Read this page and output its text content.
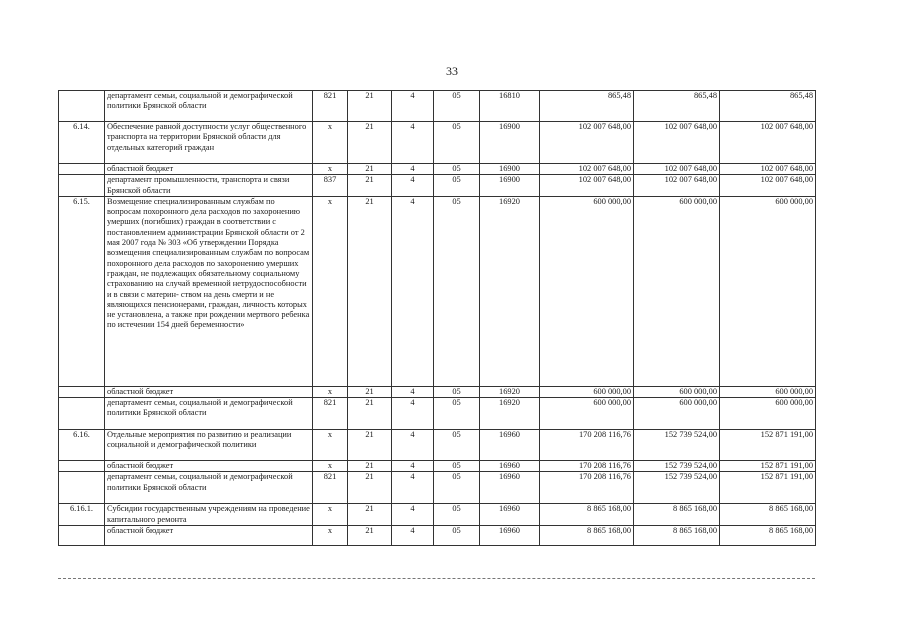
33
	департамент семьи, социальной и демографической политики Брянской области	821	21	4	05	16810	865,48	865,48	865,48
6.14.	Обеспечение равной доступности услуг общественного транспорта на территории Брянской области для отдельных категорий граждан	х	21	4	05	16900	102 007 648,00	102 007 648,00	102 007 648,00
	областной бюджет	х	21	4	05	16900	102 007 648,00	102 007 648,00	102 007 648,00
	департамент промышленности, транспорта и связи Брянской области	837	21	4	05	16900	102 007 648,00	102 007 648,00	102 007 648,00
6.15.	Возмещение специализированным службам по вопросам похоронного дела расходов по захоронению умерших (погибших) граждан в соответствии с постановлением администрации Брянской области от 2 мая 2007 года № 303 «Об утверждении Порядка возмещения специализированным службам по вопросам похоронного дела расходов по захоронению умерших граждан, не подлежащих обязательному социальному страхованию на случай временной нетрудоспособности и в связи с материн- ством на день смерти и не являющихся пенсионерами, граждан, личность которых не установлена, а также при рождении мертвого ребенка по истечении 154 дней беременности»	х	21	4	05	16920	600 000,00	600 000,00	600 000,00
	областной бюджет	х	21	4	05	16920	600 000,00	600 000,00	600 000,00
	департамент семьи, социальной и демографической политики Брянской области	821	21	4	05	16920	600 000,00	600 000,00	600 000,00
6.16.	Отдельные мероприятия по развитию и реализации социальной и демографической политики	х	21	4	05	16960	170 208 116,76	152 739 524,00	152 871 191,00
	областной бюджет	х	21	4	05	16960	170 208 116,76	152 739 524,00	152 871 191,00
	департамент семьи, социальной и демографической политики Брянской области	821	21	4	05	16960	170 208 116,76	152 739 524,00	152 871 191,00
6.16.1.	Субсидии государственным учреждениям на проведение капитального ремонта	х	21	4	05	16960	8 865 168,00	8 865 168,00	8 865 168,00
	областной бюджет	х	21	4	05	16960	8 865 168,00	8 865 168,00	8 865 168,00
